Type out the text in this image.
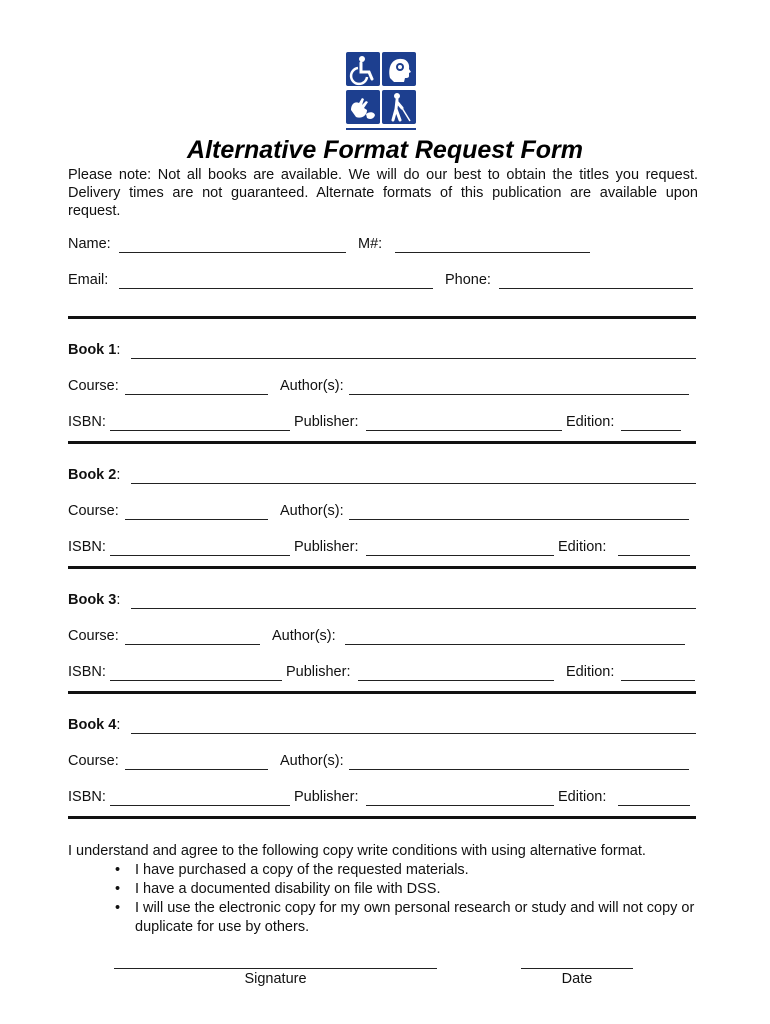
Alternative Format Request Form
Please note: Not all books are available. We will do our best to obtain the titles you request. Delivery times are not guaranteed. Alternate formats of this publication are available upon request.
Name:	M#:
Email:	Phone:
Book 1:
Course:	Author(s):
ISBN:	Publisher:	Edition:
Book 2:
Course:	Author(s):
ISBN:	Publisher:	Edition:
Book 3:
Course:	Author(s):
ISBN:	Publisher:	Edition:
Book 4:
Course:	Author(s):
ISBN:	Publisher:	Edition:
I understand and agree to the following copy write conditions with using alternative format.
• I have purchased a copy of the requested materials.
• I have a documented disability on file with DSS.
• I will use the electronic copy for my own personal research or study and will not copy or duplicate for use by others.
Signature	Date
